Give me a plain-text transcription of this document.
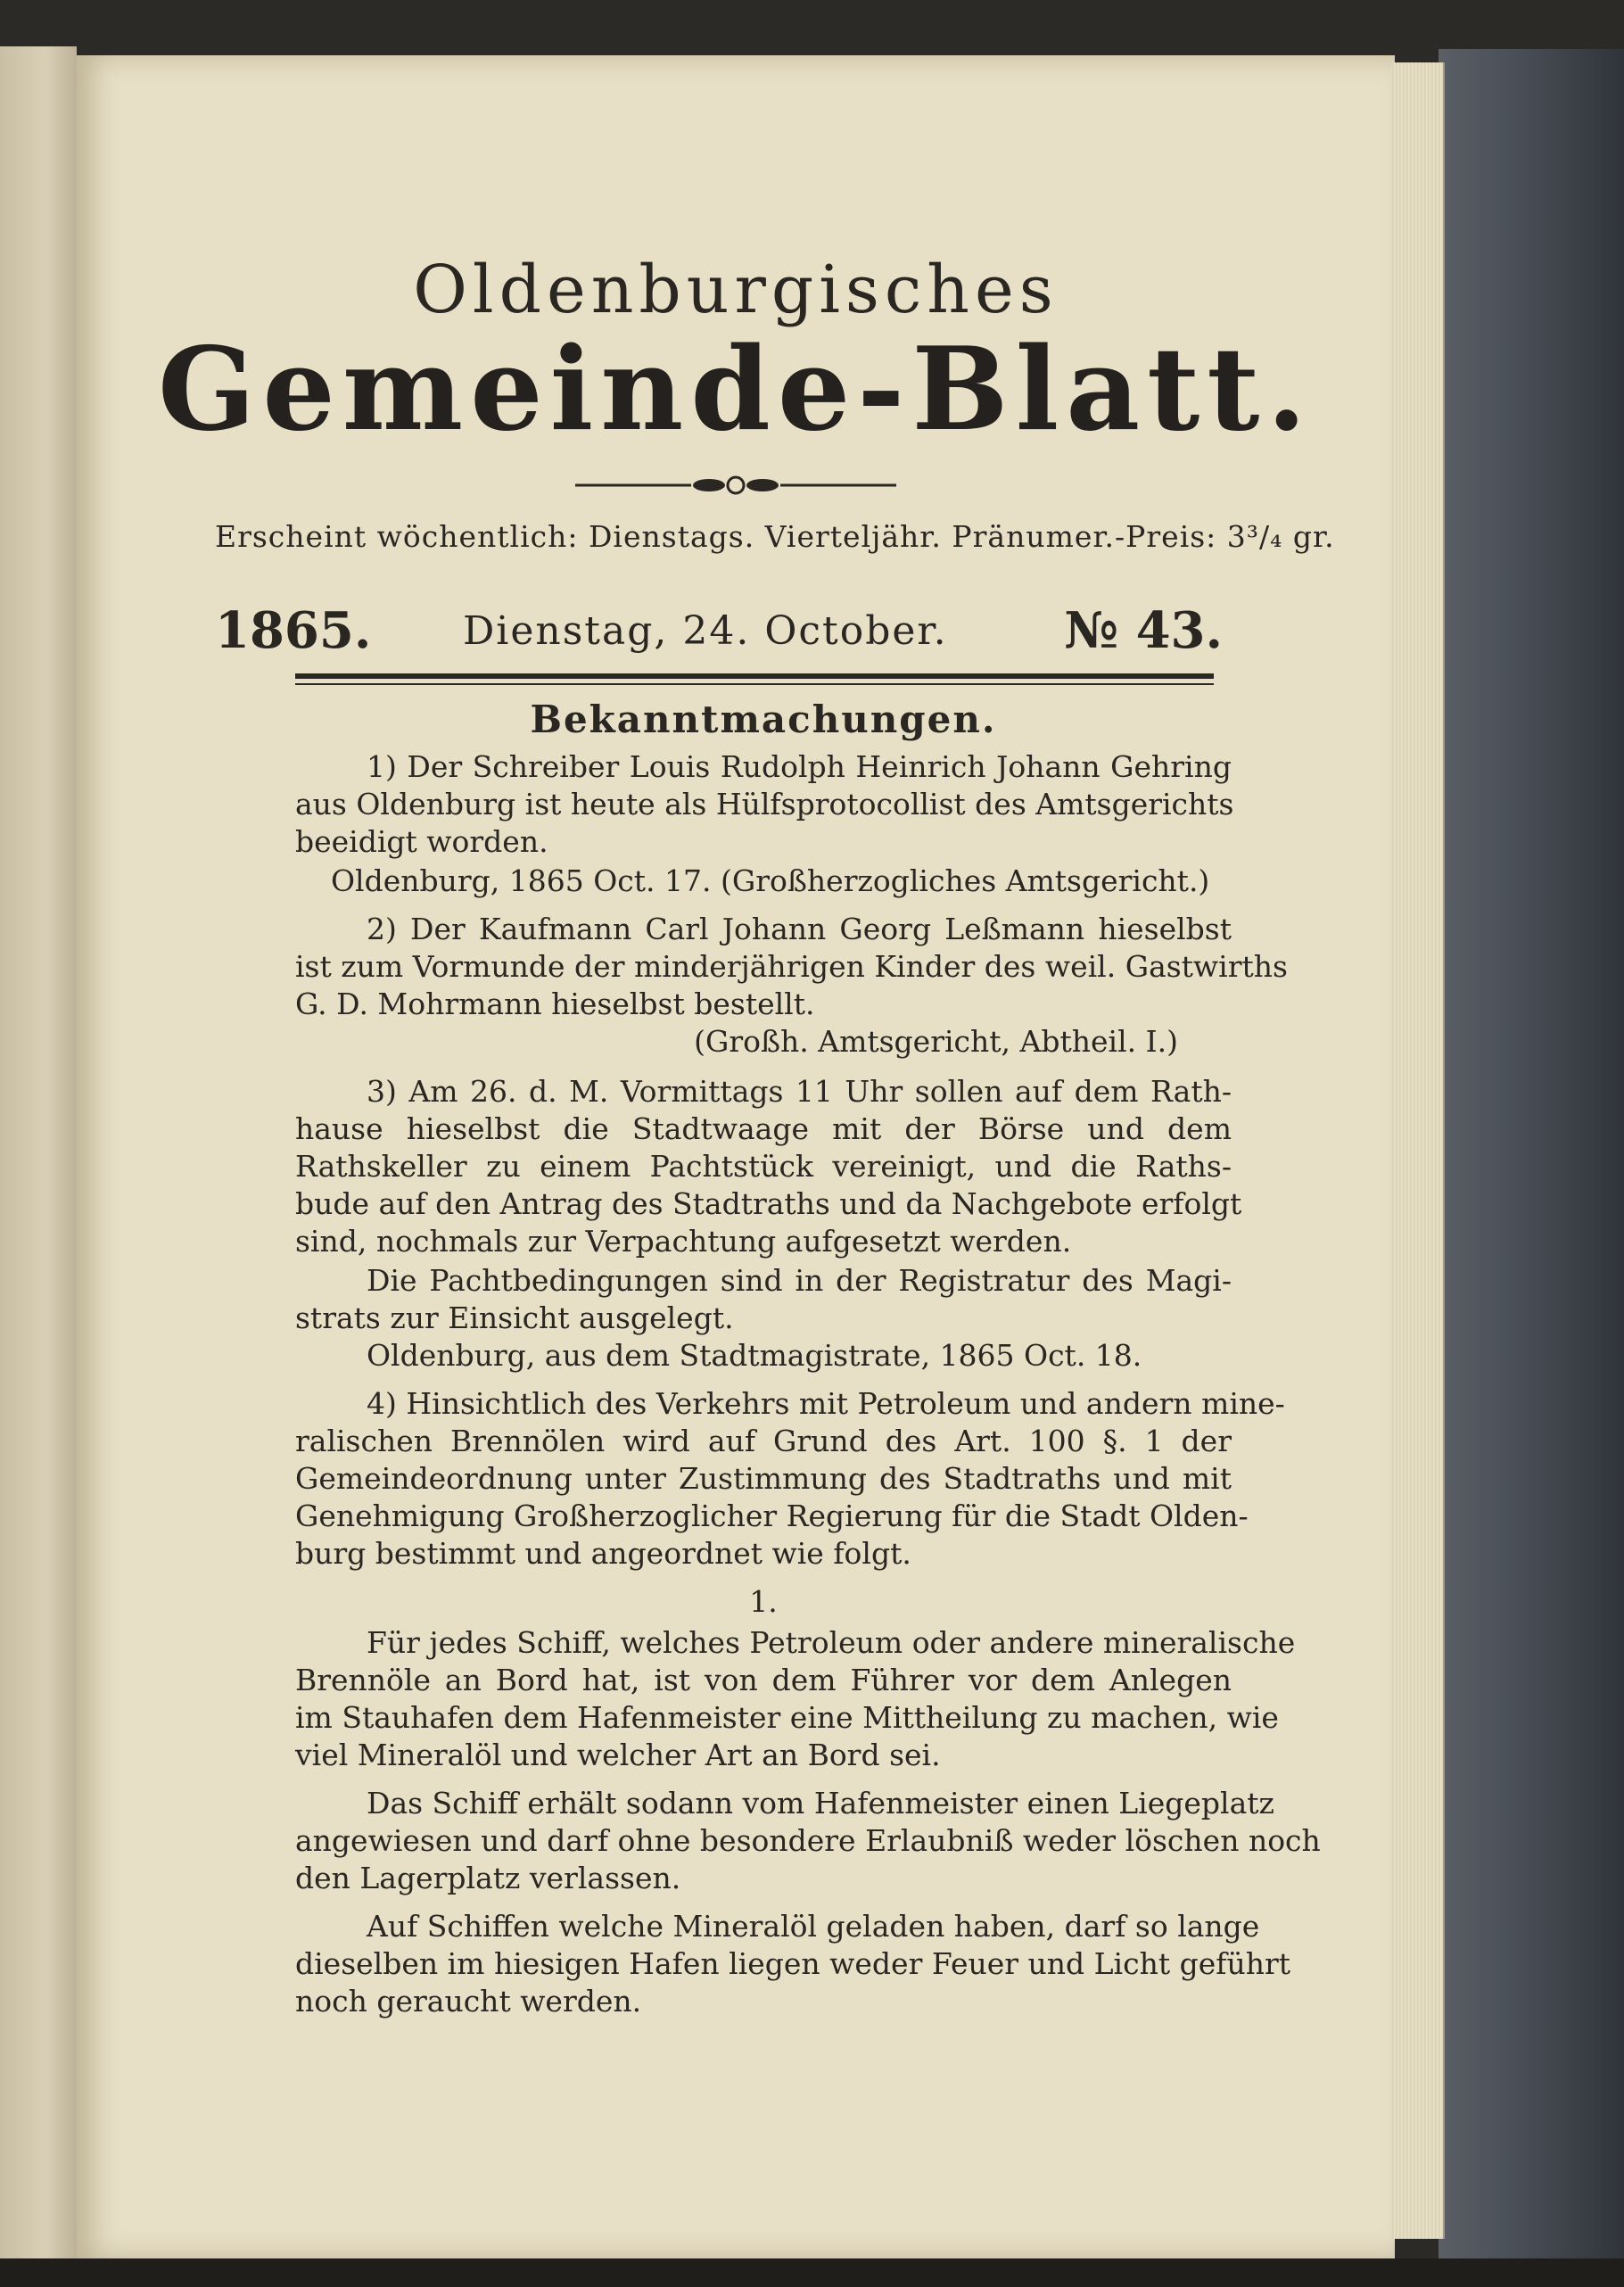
Oldenburgisches
Gemeinde-Blatt.
Erscheint wöchentlich: Dienstags. Vierteljähr. Pränumer.-Preis: 3³/₄ gr.
1865. Dienstag, 24. October. № 43.
Bekanntmachungen.
1) Der Schreiber Louis Rudolph Heinrich Johann Gehring
aus Oldenburg ist heute als Hülfsprotocollist des Amtsgerichts
beeidigt worden.
Oldenburg, 1865 Oct. 17. (Großherzogliches Amtsgericht.)
2) Der Kaufmann Carl Johann Georg Leßmann hieselbst
ist zum Vormunde der minderjährigen Kinder des weil. Gastwirths
G. D. Mohrmann hieselbst bestellt.
(Großh. Amtsgericht, Abtheil. I.)
3) Am 26. d. M. Vormittags 11 Uhr sollen auf dem Rath-
hause hieselbst die Stadtwaage mit der Börse und dem
Rathskeller zu einem Pachtstück vereinigt, und die Raths-
bude auf den Antrag des Stadtraths und da Nachgebote erfolgt
sind, nochmals zur Verpachtung aufgesetzt werden.
Die Pachtbedingungen sind in der Registratur des Magi-
strats zur Einsicht ausgelegt.
Oldenburg, aus dem Stadtmagistrate, 1865 Oct. 18.
4) Hinsichtlich des Verkehrs mit Petroleum und andern mine-
ralischen Brennölen wird auf Grund des Art. 100 §. 1 der
Gemeindeordnung unter Zustimmung des Stadtraths und mit
Genehmigung Großherzoglicher Regierung für die Stadt Olden-
burg bestimmt und angeordnet wie folgt.
1.
Für jedes Schiff, welches Petroleum oder andere mineralische
Brennöle an Bord hat, ist von dem Führer vor dem Anlegen
im Stauhafen dem Hafenmeister eine Mittheilung zu machen, wie
viel Mineralöl und welcher Art an Bord sei.
Das Schiff erhält sodann vom Hafenmeister einen Liegeplatz
angewiesen und darf ohne besondere Erlaubniß weder löschen noch
den Lagerplatz verlassen.
Auf Schiffen welche Mineralöl geladen haben, darf so lange
dieselben im hiesigen Hafen liegen weder Feuer und Licht geführt
noch geraucht werden.
